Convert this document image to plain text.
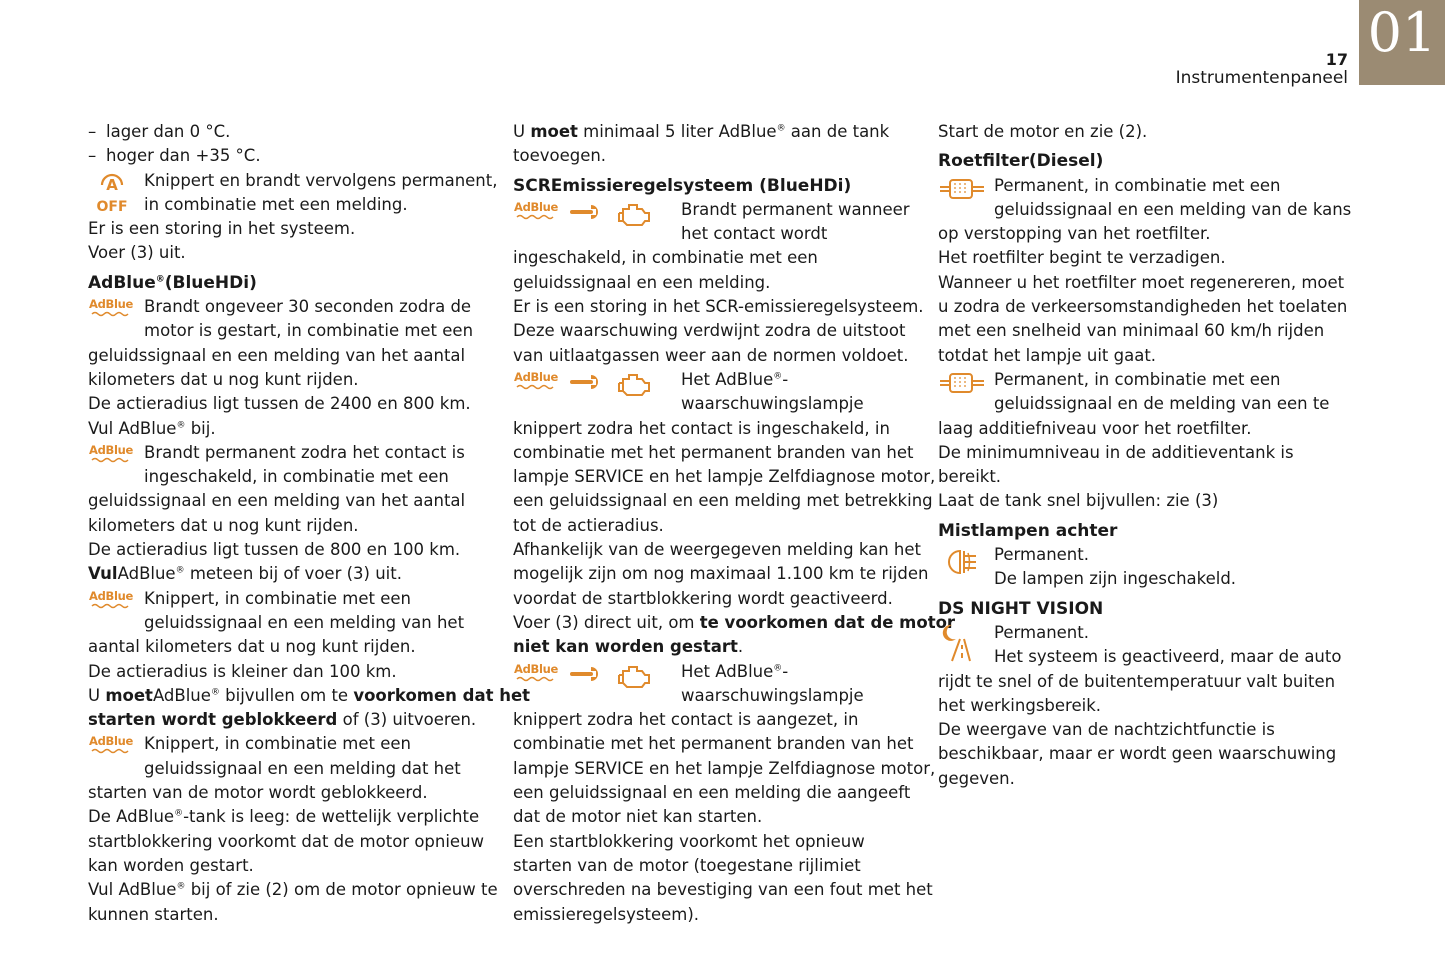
01
17
Instrumentenpaneel
– lager dan 0 °C.
– hoger dan +35 °C.
A
OFF
Knippert en brandt vervolgens permanent,
in combinatie met een melding.
Er is een storing in het systeem.
Voer (3) uit.
AdBlue®(BlueHDi)
AdBlue Brandt ongeveer 30 seconden zodra de
motor is gestart, in combinatie met een
geluidssignaal en een melding van het aantal
kilometers dat u nog kunt rijden.
De actieradius ligt tussen de 2400 en 800 km.
Vul AdBlue® bij.
AdBlue Brandt permanent zodra het contact is
ingeschakeld, in combinatie met een
geluidssignaal en een melding van het aantal
kilometers dat u nog kunt rijden.
De actieradius ligt tussen de 800 en 100 km.
VulAdBlue® meteen bij of voer (3) uit.
AdBlue Knippert, in combinatie met een
geluidssignaal en een melding van het
aantal kilometers dat u nog kunt rijden.
De actieradius is kleiner dan 100 km.
U moetAdBlue® bijvullen om te voorkomen dat het
starten wordt geblokkeerd of (3) uitvoeren.
AdBlue Knippert, in combinatie met een
geluidssignaal en een melding dat het
starten van de motor wordt geblokkeerd.
De AdBlue®-tank is leeg: de wettelijk verplichte
startblokkering voorkomt dat de motor opnieuw
kan worden gestart.
Vul AdBlue® bij of zie (2) om de motor opnieuw te
kunnen starten.
U moet minimaal 5 liter AdBlue® aan de tank
toevoegen.
SCREmissieregelsysteem (BlueHDi)
AdBlue	Brandt permanent wanneer
het contact wordt
ingeschakeld, in combinatie met een
geluidssignaal en een melding.
Er is een storing in het SCR-emissieregelsysteem.
Deze waarschuwing verdwijnt zodra de uitstoot
van uitlaatgassen weer aan de normen voldoet.
AdBlue	Het AdBlue®-
waarschuwingslampje
knippert zodra het contact is ingeschakeld, in
combinatie met het permanent branden van het
lampje SERVICE en het lampje Zelfdiagnose motor,
een geluidssignaal en een melding met betrekking
tot de actieradius.
Afhankelijk van de weergegeven melding kan het
mogelijk zijn om nog maximaal 1.100 km te rijden
voordat de startblokkering wordt geactiveerd.
Voer (3) direct uit, om te voorkomen dat de motor
niet kan worden gestart.
AdBlue	Het AdBlue®-
waarschuwingslampje
knippert zodra het contact is aangezet, in
combinatie met het permanent branden van het
lampje SERVICE en het lampje Zelfdiagnose motor,
een geluidssignaal en een melding die aangeeft
dat de motor niet kan starten.
Een startblokkering voorkomt het opnieuw
starten van de motor (toegestane rijlimiet
overschreden na bevestiging van een fout met het
emissieregelsysteem).
Start de motor en zie (2).
Roetfilter(Diesel)
Permanent, in combinatie met een
geluidssignaal en een melding van de kans
op verstopping van het roetfilter.
Het roetfilter begint te verzadigen.
Wanneer u het roetfilter moet regenereren, moet
u zodra de verkeersomstandigheden het toelaten
met een snelheid van minimaal 60 km/h rijden
totdat het lampje uit gaat.
Permanent, in combinatie met een
geluidssignaal en de melding van een te
laag additiefniveau voor het roetfilter.
De minimumniveau in de additieventank is
bereikt.
Laat de tank snel bijvullen: zie (3)
Mistlampen achter
Permanent.
De lampen zijn ingeschakeld.
DS NIGHT VISION
Permanent.
Het systeem is geactiveerd, maar de auto
rijdt te snel of de buitentemperatuur valt buiten
het werkingsbereik.
De weergave van de nachtzichtfunctie is
beschikbaar, maar er wordt geen waarschuwing
gegeven.
